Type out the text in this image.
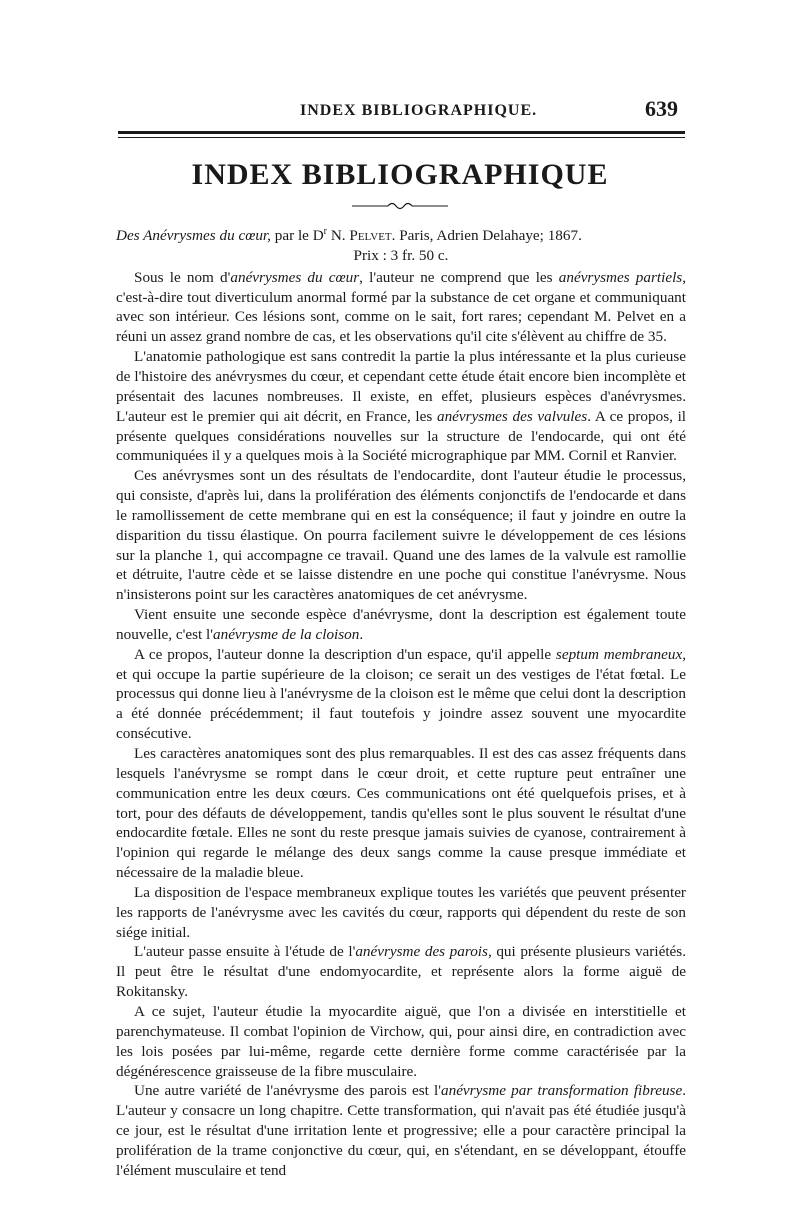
INDEX BIBLIOGRAPHIQUE.	639
INDEX BIBLIOGRAPHIQUE

Des Anévrysmes du cœur, par le $D^r$ N. Pelvet. Paris, Adrien Delahaye; 1867.
Prix : 3 fr. 50 c.

Sous le nom d'anévrysmes du cœur, l'auteur ne comprend que les anévrysmes partiels, c'est-à-dire tout diverticulum anormal formé par la substance de cet organe et communiquant avec son intérieur. Ces lésions sont, comme on le sait, fort rares; cependant M. Pelvet en a réuni un assez grand nombre de cas, et les observations qu'il cite s'élèvent au chiffre de 35.

L'anatomie pathologique est sans contredit la partie la plus intéressante et la plus curieuse de l'histoire des anévrysmes du cœur, et cependant cette étude était encore bien incomplète et présentait des lacunes nombreuses. Il existe, en effet, plusieurs espèces d'anévrysmes. L'auteur est le premier qui ait décrit, en France, les anévrysmes des valvules. A ce propos, il présente quelques considérations nouvelles sur la structure de l'endocarde, qui ont été communiquées il y a quelques mois à la Société micrographique par MM. Cornil et Ranvier.

Ces anévrysmes sont un des résultats de l'endocardite, dont l'auteur étudie le processus, qui consiste, d'après lui, dans la prolifération des éléments conjonctifs de l'endocarde et dans le ramollissement de cette membrane qui en est la conséquence; il faut y joindre en outre la disparition du tissu élastique. On pourra facilement suivre le développement de ces lésions sur la planche 1, qui accompagne ce travail. Quand une des lames de la valvule est ramollie et détruite, l'autre cède et se laisse distendre en une poche qui constitue l'anévrysme. Nous n'insisterons point sur les caractères anatomiques de cet anévrysme.

Vient ensuite une seconde espèce d'anévrysme, dont la description est également toute nouvelle, c'est l'anévrysme de la cloison.

A ce propos, l'auteur donne la description d'un espace, qu'il appelle septum membraneux, et qui occupe la partie supérieure de la cloison; ce serait un des vestiges de l'état fœtal. Le processus qui donne lieu à l'anévrysme de la cloison est le même que celui dont la description a été donnée précédemment; il faut toutefois y joindre assez souvent une myocardite consécutive.

Les caractères anatomiques sont des plus remarquables. Il est des cas assez fréquents dans lesquels l'anévrysme se rompt dans le cœur droit, et cette rupture peut entraîner une communication entre les deux cœurs. Ces communications ont été quelquefois prises, et à tort, pour des défauts de développement, tandis qu'elles sont le plus souvent le résultat d'une endocardite fœtale. Elles ne sont du reste presque jamais suivies de cyanose, contrairement à l'opinion qui regarde le mélange des deux sangs comme la cause presque immédiate et nécessaire de la maladie bleue.

La disposition de l'espace membraneux explique toutes les variétés que peuvent présenter les rapports de l'anévrysme avec les cavités du cœur, rapports qui dépendent du reste de son siége initial.

L'auteur passe ensuite à l'étude de l'anévrysme des parois, qui présente plusieurs variétés. Il peut être le résultat d'une endomyocardite, et représente alors la forme aiguë de Rokitansky.

A ce sujet, l'auteur étudie la myocardite aiguë, que l'on a divisée en interstitielle et parenchymateuse. Il combat l'opinion de Virchow, qui, pour ainsi dire, en contradiction avec les lois posées par lui-même, regarde cette dernière forme comme caractérisée par la dégénérescence graisseuse de la fibre musculaire.

Une autre variété de l'anévrysme des parois est l'anévrysme par transformation fibreuse. L'auteur y consacre un long chapitre. Cette transformation, qui n'avait pas été étudiée jusqu'à ce jour, est le résultat d'une irritation lente et progressive; elle a pour caractère principal la prolifération de la trame conjonctive du cœur, qui, en s'étendant, en se développant, étouffe l'élément musculaire et tend
